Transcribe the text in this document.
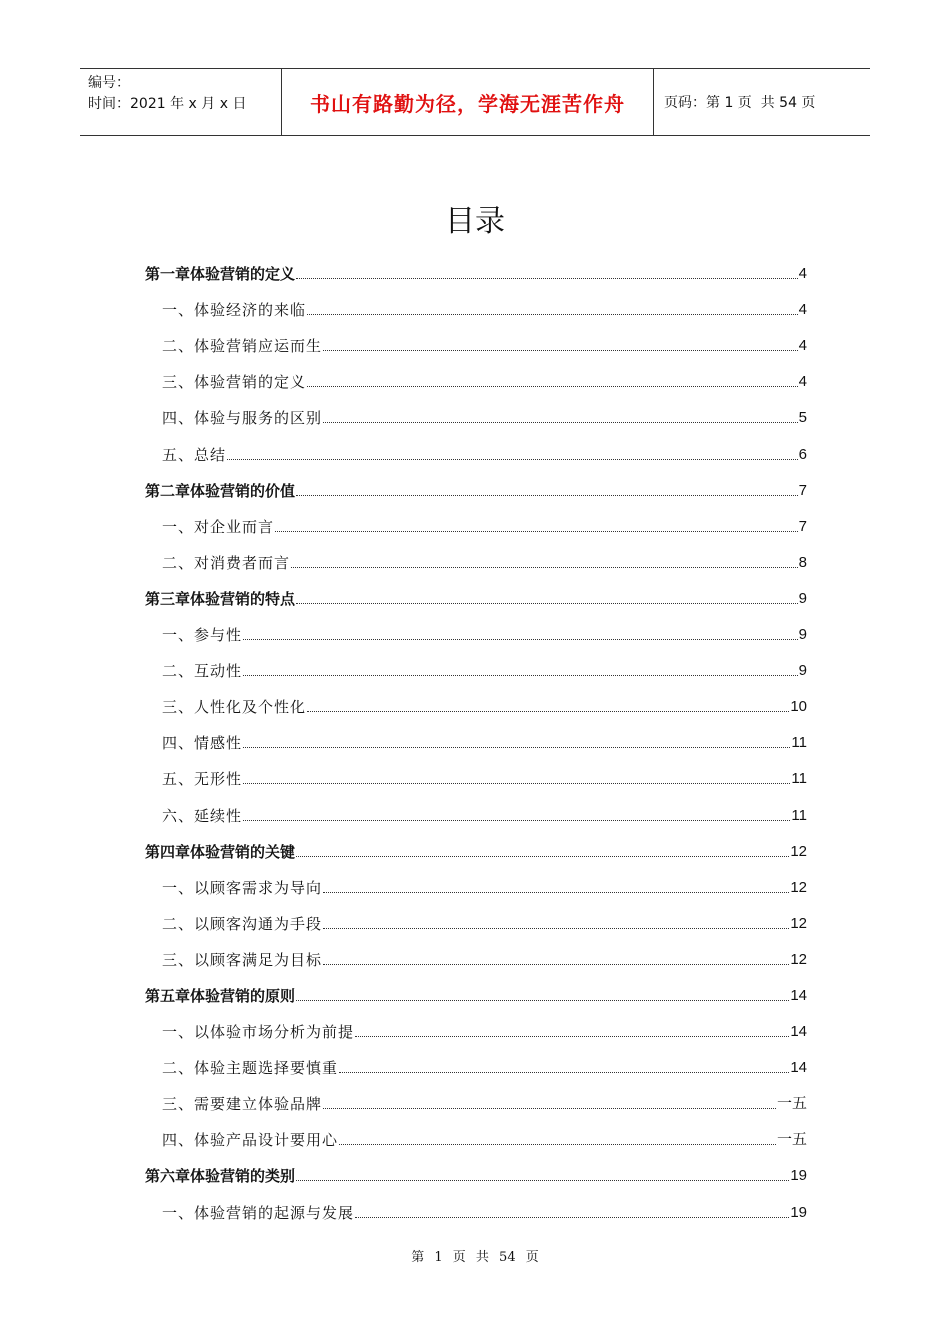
编号：
时间：2021 年 x 月 x 日	书山有路勤为径，学海无涯苦作舟	页码：第 1 页  共 54 页
目录
第一章体验营销的定义	4
一、体验经济的来临	4
二、体验营销应运而生	4
三、体验营销的定义	4
四、体验与服务的区别	5
五、总结	6
第二章体验营销的价值	7
一、对企业而言	7
二、对消费者而言	8
第三章体验营销的特点	9
一、参与性	9
二、互动性	9
三、人性化及个性化	10
四、情感性	11
五、无形性	11
六、延续性	11
第四章体验营销的关键	12
一、以顾客需求为导向	12
二、以顾客沟通为手段	12
三、以顾客满足为目标	12
第五章体验营销的原则	14
一、以体验市场分析为前提	14
二、体验主题选择要慎重	14
三、需要建立体验品牌	一五
四、体验产品设计要用心	一五
第六章体验营销的类别	19
一、体验营销的起源与发展	19
第 1 页 共 54 页
